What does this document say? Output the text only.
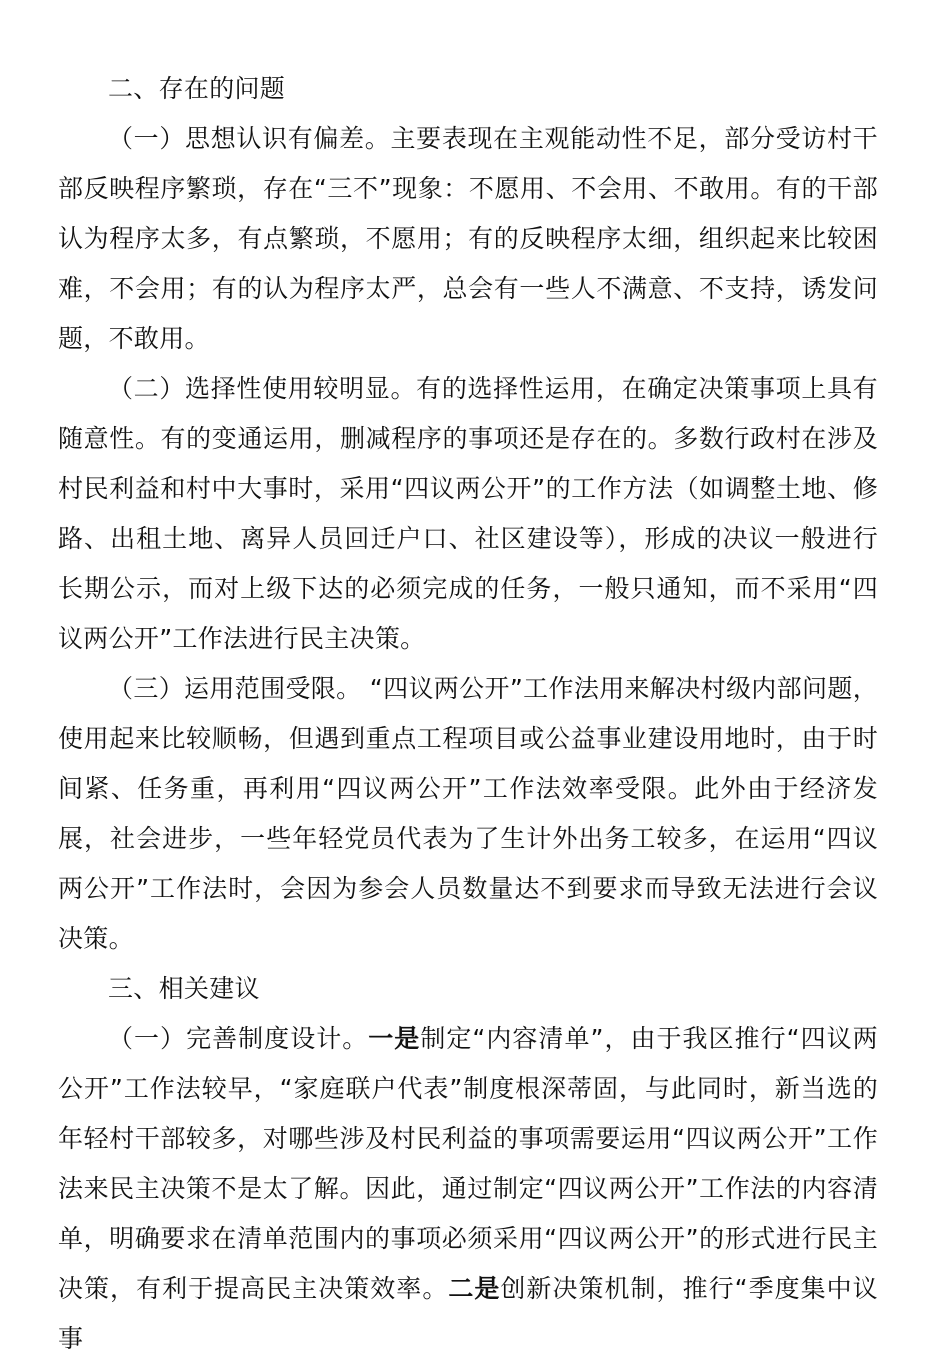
二、存在的问题

（一）思想认识有偏差。主要表现在主观能动性不足，部分受访村干部反映程序繁琐，存在“三不”现象：不愿用、不会用、不敢用。有的干部认为程序太多，有点繁琐，不愿用；有的反映程序太细，组织起来比较困难，不会用；有的认为程序太严，总会有一些人不满意、不支持，诱发问题，不敢用。

（二）选择性使用较明显。有的选择性运用，在确定决策事项上具有随意性。有的变通运用，删减程序的事项还是存在的。多数行政村在涉及村民利益和村中大事时，采用“四议两公开”的工作方法（如调整土地、修路、出租土地、离异人员回迁户口、社区建设等），形成的决议一般进行长期公示，而对上级下达的必须完成的任务，一般只通知，而不采用“四议两公开”工作法进行民主决策。

（三）运用范围受限。 “四议两公开”工作法用来解决村级内部问题，使用起来比较顺畅，但遇到重点工程项目或公益事业建设用地时，由于时间紧、任务重，再利用“四议两公开”工作法效率受限。此外由于经济发展，社会进步，一些年轻党员代表为了生计外出务工较多，在运用“四议两公开”工作法时，会因为参会人员数量达不到要求而导致无法进行会议决策。

三、相关建议

（一）完善制度设计。一是制定“内容清单”，由于我区推行“四议两公开”工作法较早，“家庭联户代表”制度根深蒂固，与此同时，新当选的年轻村干部较多，对哪些涉及村民利益的事项需要运用“四议两公开”工作法来民主决策不是太了解。因此，通过制定“四议两公开”工作法的内容清单，明确要求在清单范围内的事项必须采用“四议两公开”的形式进行民主决策，有利于提高民主决策效率。二是创新决策机制，推行“季度集中议事
